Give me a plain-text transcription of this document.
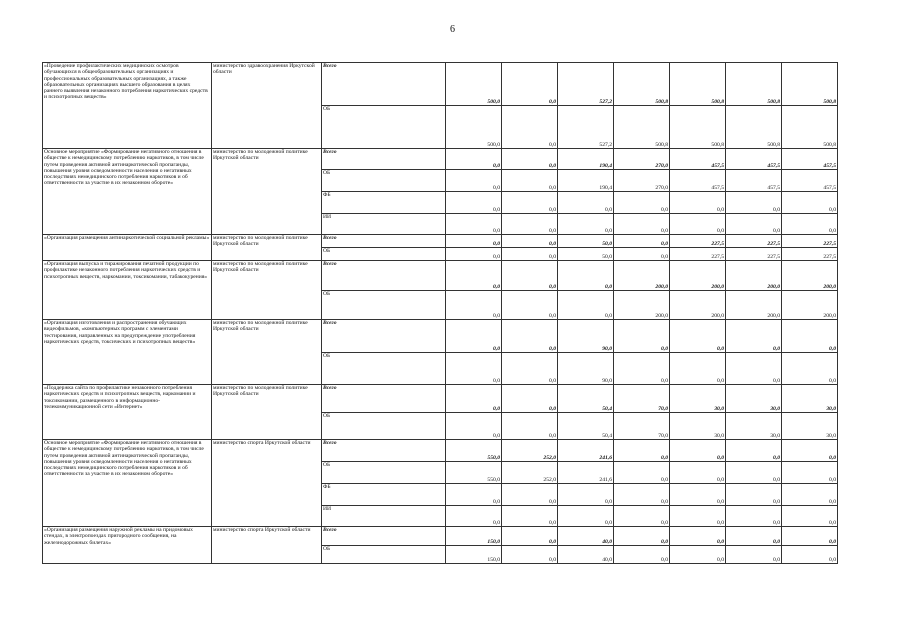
6
«Проведение профилактических медицинских осмотров обучающихся в общеобразовательных организациях и профессиональных образовательных организациях, а также образовательных организациях высшего образования в целях раннего выявления незаконного потребления наркотических средств и психотропных веществ»	министерство здравоохранения Иркутской области	Всего	500,0	0,0	527,2	500,8	500,8	500,8	500,8
		ОБ	500,0	0,0	527,2	500,8	500,8	500,8	500,8
Основное мероприятие «Формирование негативного отношения в обществе к немедицинскому потреблению наркотиков, в том числе путем проведения активной антинаркотической пропаганды, повышения уровня осведомленности населения о негативных последствиях немедицинского потребления наркотиков и об ответственности за участие в их незаконном обороте»	министерство по молодежной политике Иркутской области	Всего	0,0	0,0	190,4	270,0	457,5	457,5	457,5
		ОБ	0,0	0,0	190,4	270,0	457,5	457,5	457,5
		ФБ	0,0	0,0	0,0	0,0	0,0	0,0	0,0
		ИИ	0,0	0,0	0,0	0,0	0,0	0,0	0,0
«Организация размещения антинаркотической социальной рекламы»	министерство по молодежной политике Иркутской области	Всего	0,0	0,0	50,0	0,0	227,5	227,5	227,5
		ОБ	0,0	0,0	50,0	0,0	227,5	227,5	227,5
«Организация выпуска и тиражирования печатной продукции по профилактике незаконного потребления наркотических средств и психотропных веществ, наркомании, токсикомании, табакокурения»	министерство по молодежной политике Иркутской области	Всего	0,0	0,0	0,0	200,0	200,0	200,0	200,0
		ОБ	0,0	0,0	0,0	200,0	200,0	200,0	200,0
«Организация изготовления и распространения обучающих видеофильмов, «компьютерных программ с элементами тестирования, направленных на предупреждение употребления наркотических средств, токсических и психотропных веществ»	министерство по молодежной политике Иркутской области	Всего	0,0	0,0	90,0	0,0	0,0	0,0	0,0
		ОБ	0,0	0,0	90,0	0,0	0,0	0,0	0,0
«Поддержка сайта по профилактике незаконного потребления наркотических средств и психотропных веществ, наркомании и токсикомании, размещенного в информационно-телекоммуникационной сети «Интернет»	министерство по молодежной политике Иркутской области	Всего	0,0	0,0	50,4	70,0	30,0	30,0	30,0
		ОБ	0,0	0,0	50,4	70,0	30,0	30,0	30,0
Основное мероприятие «Формирование негативного отношения в обществе к немедицинскому потреблению наркотиков, в том числе путем проведения активной антинаркотической пропаганды, повышения уровня осведомленности населения о негативных последствиях немедицинского потребления наркотиков и об ответственности за участие в их незаконном обороте»	министерство спорта Иркутской области	Всего	550,0	252,0	241,6	0,0	0,0	0,0	0,0
		ОБ	550,0	252,0	241,6	0,0	0,0	0,0	0,0
		ФБ	0,0	0,0	0,0	0,0	0,0	0,0	0,0
		ИИ	0,0	0,0	0,0	0,0	0,0	0,0	0,0
«Организация размещения наружной рекламы на придомовых стендах, в электропоездах пригородного сообщения, на железнодорожных билетах»	министерство спорта Иркутской области	Всего	150,0	0,0	40,0	0,0	0,0	0,0	0,0
		ОБ	150,0	0,0	40,0	0,0	0,0	0,0	0,0
